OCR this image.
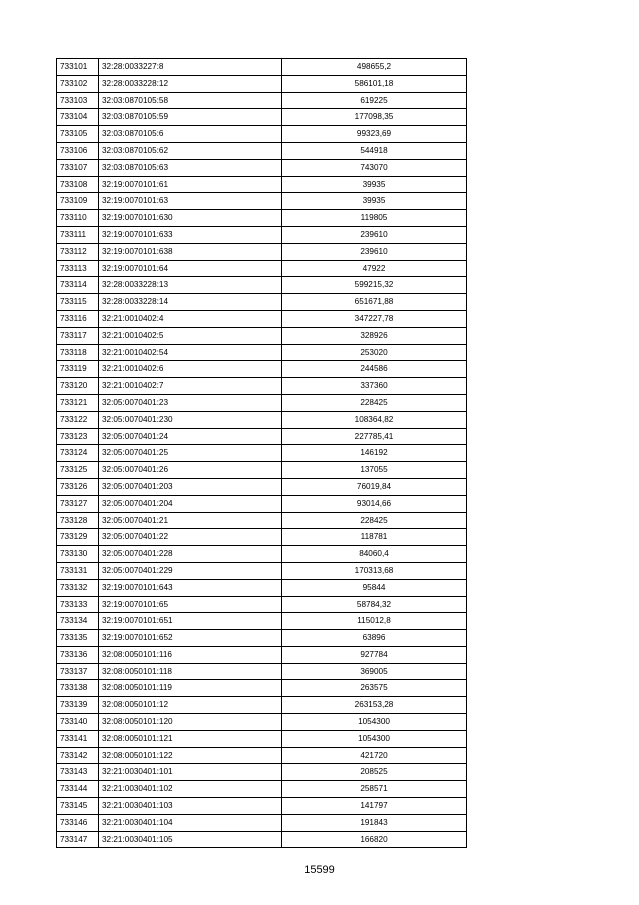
733101	32:28:0033227:8	498655,2
733102	32:28:0033228:12	586101,18
733103	32:03:0870105:58	619225
733104	32:03:0870105:59	177098,35
733105	32:03:0870105:6	99323,69
733106	32:03:0870105:62	544918
733107	32:03:0870105:63	743070
733108	32:19:0070101:61	39935
733109	32:19:0070101:63	39935
733110	32:19:0070101:630	119805
733111	32:19:0070101:633	239610
733112	32:19:0070101:638	239610
733113	32:19:0070101:64	47922
733114	32:28:0033228:13	599215,32
733115	32:28:0033228:14	651671,88
733116	32:21:0010402:4	347227,78
733117	32:21:0010402:5	328926
733118	32:21:0010402:54	253020
733119	32:21:0010402:6	244586
733120	32:21:0010402:7	337360
733121	32:05:0070401:23	228425
733122	32:05:0070401:230	108364,82
733123	32:05:0070401:24	227785,41
733124	32:05:0070401:25	146192
733125	32:05:0070401:26	137055
733126	32:05:0070401:203	76019,84
733127	32:05:0070401:204	93014,66
733128	32:05:0070401:21	228425
733129	32:05:0070401:22	118781
733130	32:05:0070401:228	84060,4
733131	32:05:0070401:229	170313,68
733132	32:19:0070101:643	95844
733133	32:19:0070101:65	58784,32
733134	32:19:0070101:651	115012,8
733135	32:19:0070101:652	63896
733136	32:08:0050101:116	927784
733137	32:08:0050101:118	369005
733138	32:08:0050101:119	263575
733139	32:08:0050101:12	263153,28
733140	32:08:0050101:120	1054300
733141	32:08:0050101:121	1054300
733142	32:08:0050101:122	421720
733143	32:21:0030401:101	208525
733144	32:21:0030401:102	258571
733145	32:21:0030401:103	141797
733146	32:21:0030401:104	191843
733147	32:21:0030401:105	166820
15599
